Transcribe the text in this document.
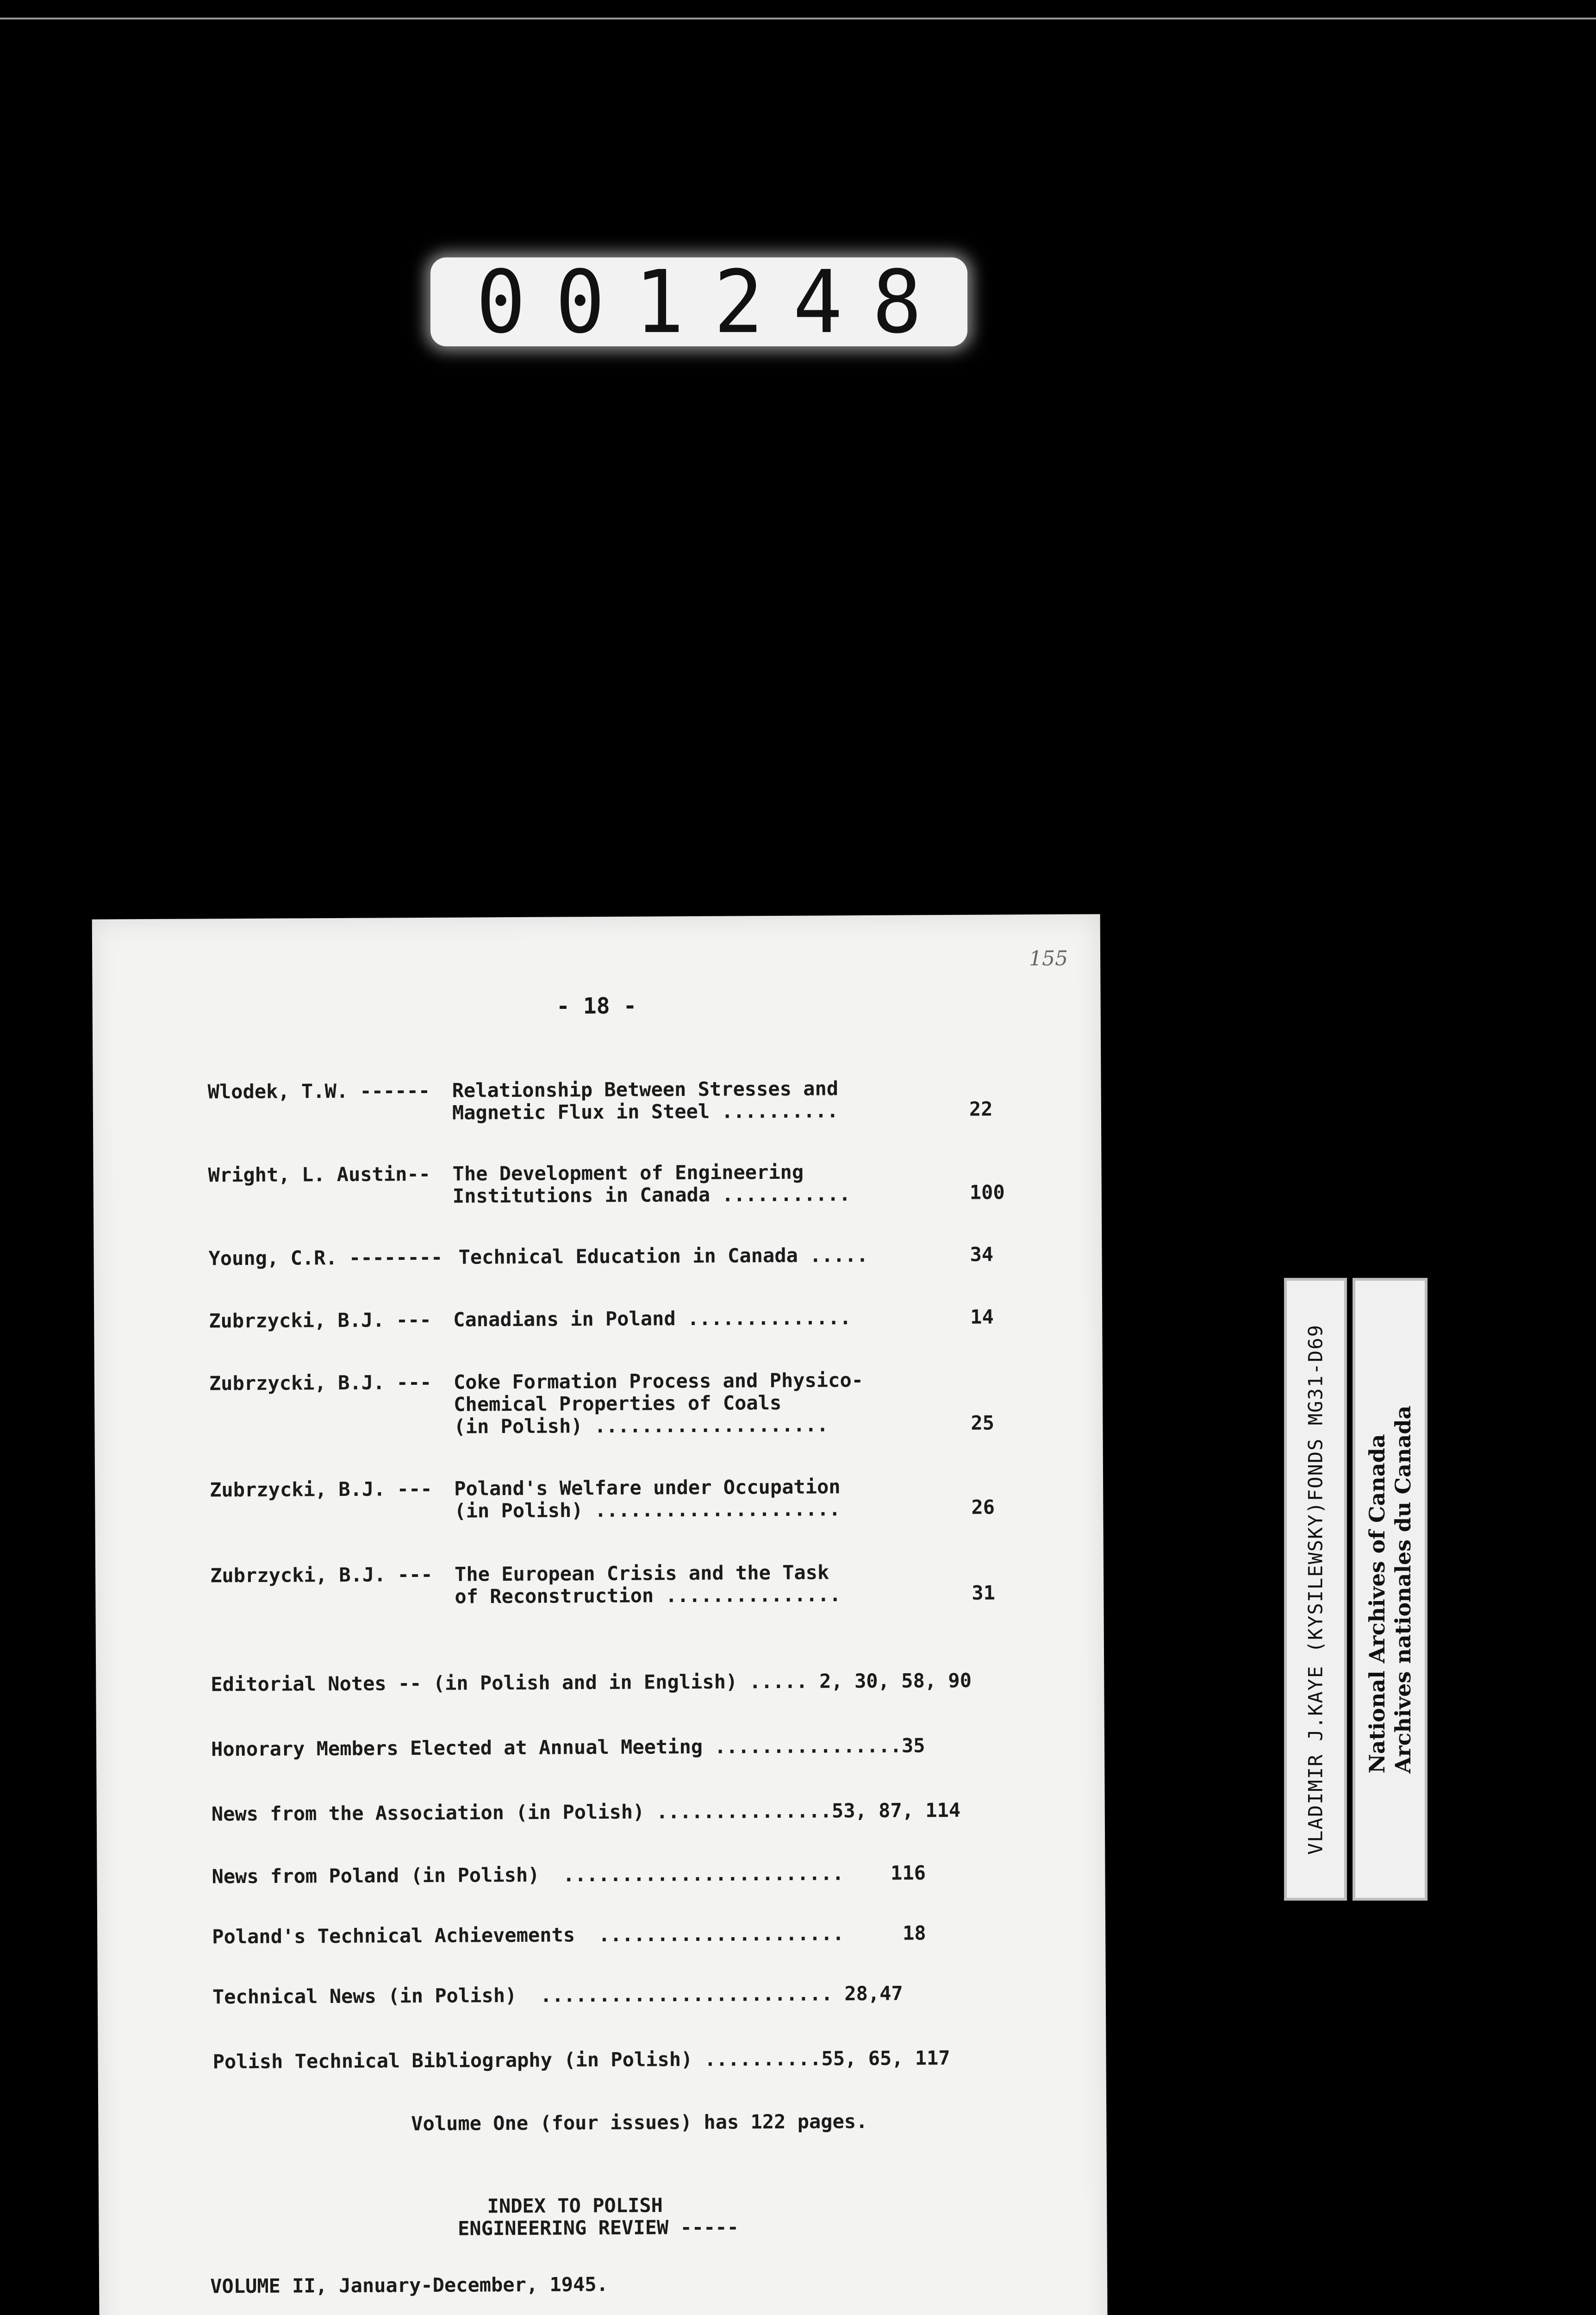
001248
155
- 18 -
Wlodek, T.W. ------ Relationship Between Stresses and
Magnetic Flux in Steel ..........	22
Wright, L. Austin-- The Development of Engineering
Institutions in Canada ...........	100
Young, C.R. -------- Technical Education in Canada .....	34
Zubrzycki, B.J. --- Canadians in Poland ..............	14
Zubrzycki, B.J. --- Coke Formation Process and Physico-
Chemical Properties of Coals
(in Polish) ....................	25
Zubrzycki, B.J. --- Poland's Welfare under Occupation
(in Polish) .....................	26
Zubrzycki, B.J. --- The European Crisis and the Task
of Reconstruction ...............	31
Editorial Notes -- (in Polish and in English) ..... 2, 30, 58, 90
Honorary Members Elected at Annual Meeting ................35
News from the Association (in Polish) ...............53, 87, 114
News from Poland (in Polish)  ........................    116
Poland's Technical Achievements  .....................     18
Technical News (in Polish)  ......................... 28,47
Polish Technical Bibliography (in Polish) ..........55, 65, 117
Volume One (four issues) has 122 pages.
INDEX TO POLISH
ENGINEERING REVIEW -----
VOLUME II, January-December, 1945.
VLADIMIR J.KAYE (KYSILEWSKY)FONDS MG31-D69 National Archives of Canada Archives nationales du Canada
